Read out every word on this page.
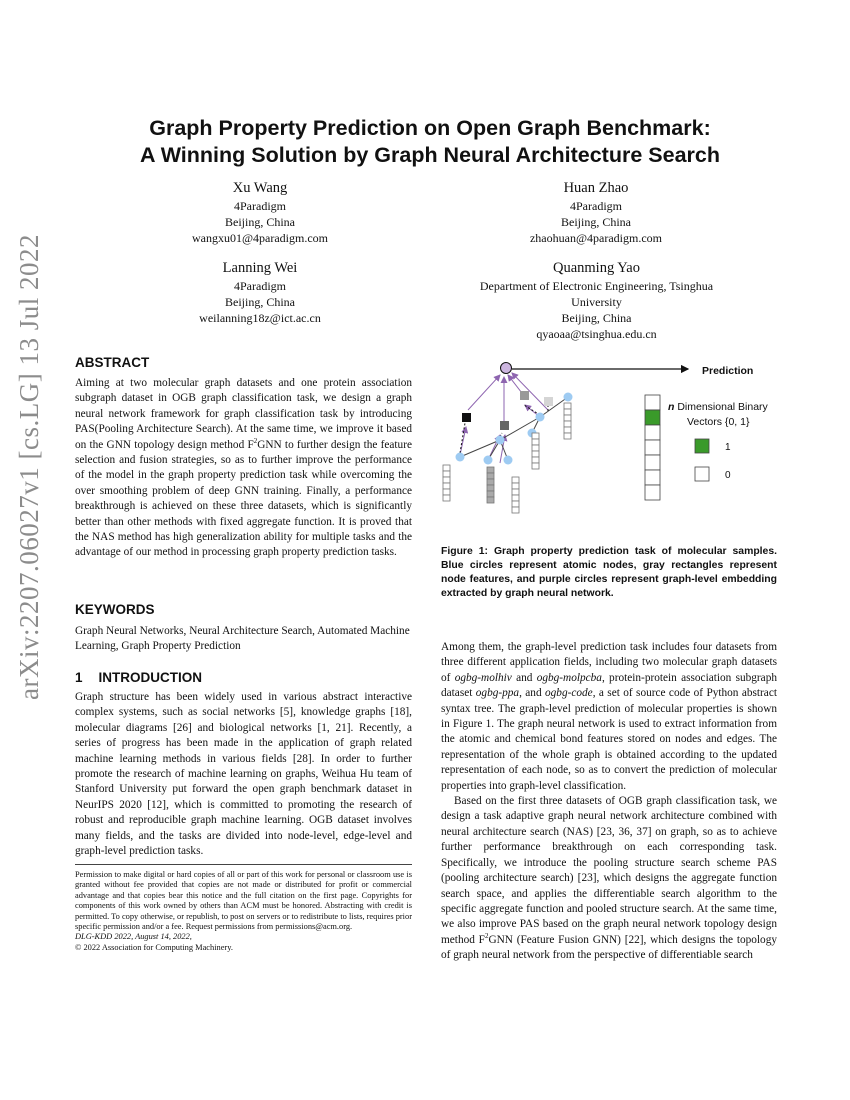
arXiv:2207.06027v1 [cs.LG] 13 Jul 2022
Graph Property Prediction on Open Graph Benchmark:
A Winning Solution by Graph Neural Architecture Search
Xu Wang
4Paradigm
Beijing, China
wangxu01@4paradigm.com
Huan Zhao
4Paradigm
Beijing, China
zhaohuan@4paradigm.com
Lanning Wei
4Paradigm
Beijing, China
weilanning18z@ict.ac.cn
Quanming Yao
Department of Electronic Engineering, Tsinghua University
Beijing, China
qyaoaa@tsinghua.edu.cn
ABSTRACT

Aiming at two molecular graph datasets and one protein association subgraph dataset in OGB graph classification task, we design a graph neural network framework for graph classification task by introducing PAS(Pooling Architecture Search). At the same time, we improve it based on the GNN topology design method $F^2GNN$ to further design the feature selection and fusion strategies, so as to further improve the performance of the model in the graph property prediction task while overcoming the over smoothing problem of deep GNN training. Finally, a performance breakthrough is achieved on these three datasets, which is significantly better than other methods with fixed aggregate function. It is proved that the NAS method has high generalization ability for multiple tasks and the advantage of our method in processing graph property prediction tasks.

KEYWORDS
Graph Neural Networks, Neural Architecture Search, Automated Machine Learning, Graph Property Prediction
1 INTRODUCTION
Graph structure has been widely used in various abstract interactive complex systems, such as social networks [5], knowledge graphs [18], molecular diagrams [26] and biological networks [1, 21]. Recently, a series of progress has been made in the application of graph related machine learning methods in various fields [28]. In order to further promote the research of machine learning on graphs, Weihua Hu team of Stanford University put forward the open graph benchmark dataset in NeurIPS 2020 [12], which is committed to promoting the research of robust and reproducible graph machine learning. OGB dataset involves many fields, and the tasks are divided into node-level, edge-level and graph-level prediction tasks.

Permission to make digital or hard copies of all or part of this work for personal or classroom use is granted without fee provided that copies are not made or distributed for profit or commercial advantage and that copies bear this notice and the full citation on the first page. Copyrights for components of this work owned by others than ACM must be honored. Abstracting with credit is permitted. To copy otherwise, or republish, to post on servers or to redistribute to lists, requires prior specific permission and/or a fee. Request permissions from permissions@acm.org.

DLG-KDD 2022, August 14, 2022,

© 2022 Association for Computing Machinery.

Prediction
n Dimensional Binary
Vectors {0, 1}
1
0
Figure 1: Graph property prediction task of molecular samples. Blue circles represent atomic nodes, gray rectangles represent node features, and purple circles represent graph-level embedding extracted by graph neural network.

Among them, the graph-level prediction task includes four datasets from three different application fields, including two molecular graph datasets of ogbg-molhiv and ogbg-molpcba, protein-protein association subgraph dataset ogbg-ppa, and ogbg-code, a set of source code of Python abstract syntax tree. The graph-level prediction of molecular properties is shown in Figure 1. The graph neural network is used to extract information from the atomic and chemical bond features stored on nodes and edges. The representation of the whole graph is obtained according to the updated representation of each node, so as to convert the prediction of molecular properties into graph-level classification.

Based on the first three datasets of OGB graph classification task, we design a task adaptive graph neural network architecture combined with neural architecture search (NAS) [23, 36, 37] on graph, so as to achieve further performance breakthrough on each corresponding task. Specifically, we introduce the pooling structure search scheme PAS (pooling architecture search) [23], which designs the aggregate function search space, and applies the differentiable search algorithm to the specific aggregate function and pooled structure search. At the same time, we also improve PAS based on the graph neural network topology design method $F^2GNN$ (Feature Fusion GNN) [22], which designs the topology of graph neural network from the perspective of differentiable search
